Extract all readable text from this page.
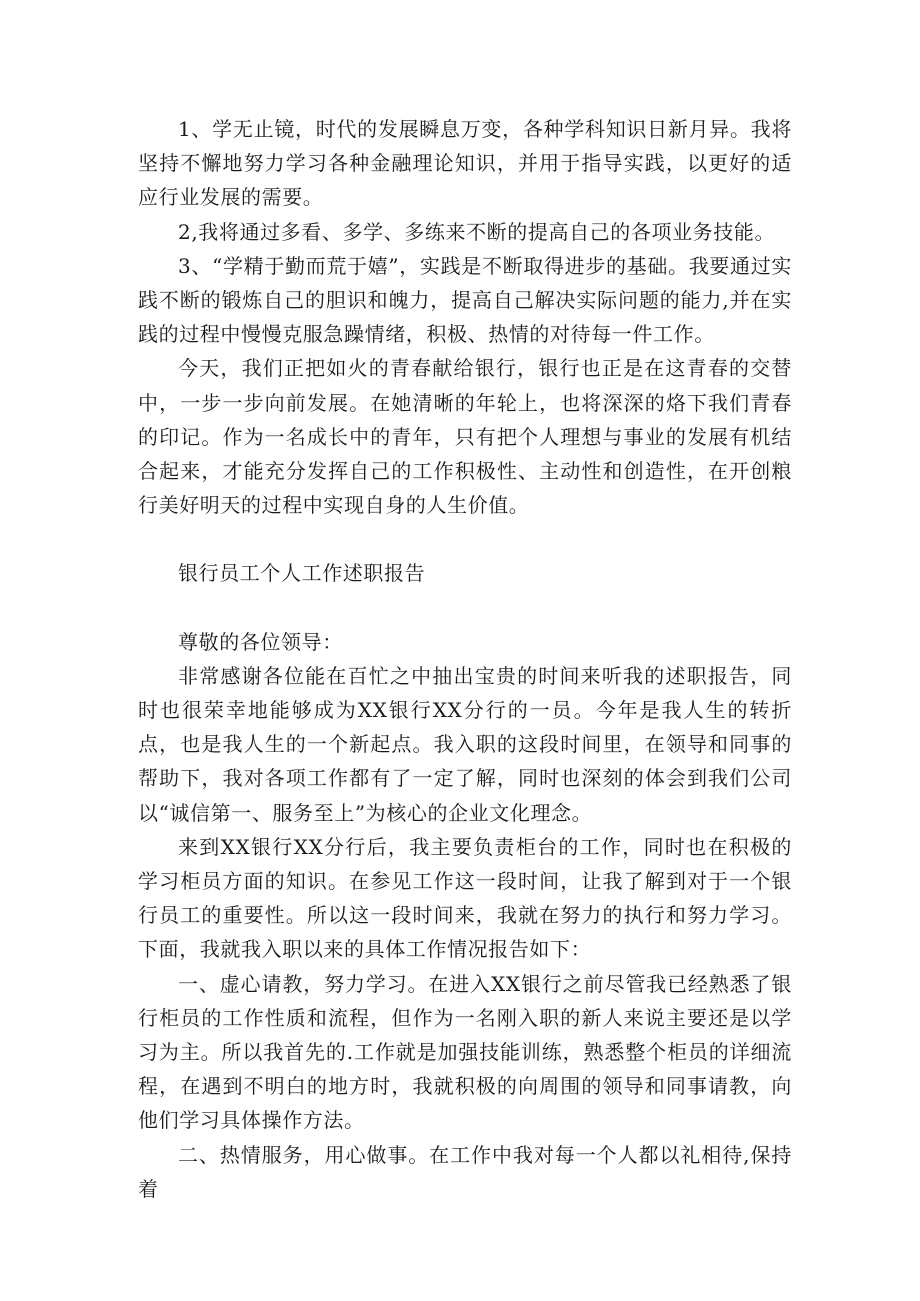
1、学无止镜，时代的发展瞬息万变，各种学科知识日新月异。我将坚持不懈地努力学习各种金融理论知识，并用于指导实践，以更好的适应行业发展的需要。

2,我将通过多看、多学、多练来不断的提高自己的各项业务技能。

3、“学精于勤而荒于嬉”，实践是不断取得进步的基础。我要通过实践不断的锻炼自己的胆识和魄力，提高自己解决实际问题的能力,并在实践的过程中慢慢克服急躁情绪，积极、热情的对待每一件工作。

今天，我们正把如火的青春献给银行，银行也正是在这青春的交替中，一步一步向前发展。在她清晰的年轮上，也将深深的烙下我们青春的印记。作为一名成长中的青年，只有把个人理想与事业的发展有机结合起来，才能充分发挥自己的工作积极性、主动性和创造性，在开创粮行美好明天的过程中实现自身的人生价值。

银行员工个人工作述职报告

尊敬的各位领导：

非常感谢各位能在百忙之中抽出宝贵的时间来听我的述职报告，同时也很荣幸地能够成为XX银行XX分行的一员。今年是我人生的转折点，也是我人生的一个新起点。我入职的这段时间里，在领导和同事的帮助下，我对各项工作都有了一定了解，同时也深刻的体会到我们公司以“诚信第一、服务至上”为核心的企业文化理念。

来到XX银行XX分行后，我主要负责柜台的工作，同时也在积极的学习柜员方面的知识。在参见工作这一段时间，让我了解到对于一个银行员工的重要性。所以这一段时间来，我就在努力的执行和努力学习。下面，我就我入职以来的具体工作情况报告如下：

一、虚心请教，努力学习。在进入XX银行之前尽管我已经熟悉了银行柜员的工作性质和流程，但作为一名刚入职的新人来说主要还是以学习为主。所以我首先的.工作就是加强技能训练，熟悉整个柜员的详细流程，在遇到不明白的地方时，我就积极的向周围的领导和同事请教，向他们学习具体操作方法。

二、热情服务，用心做事。在工作中我对每一个人都以礼相待,保持着
